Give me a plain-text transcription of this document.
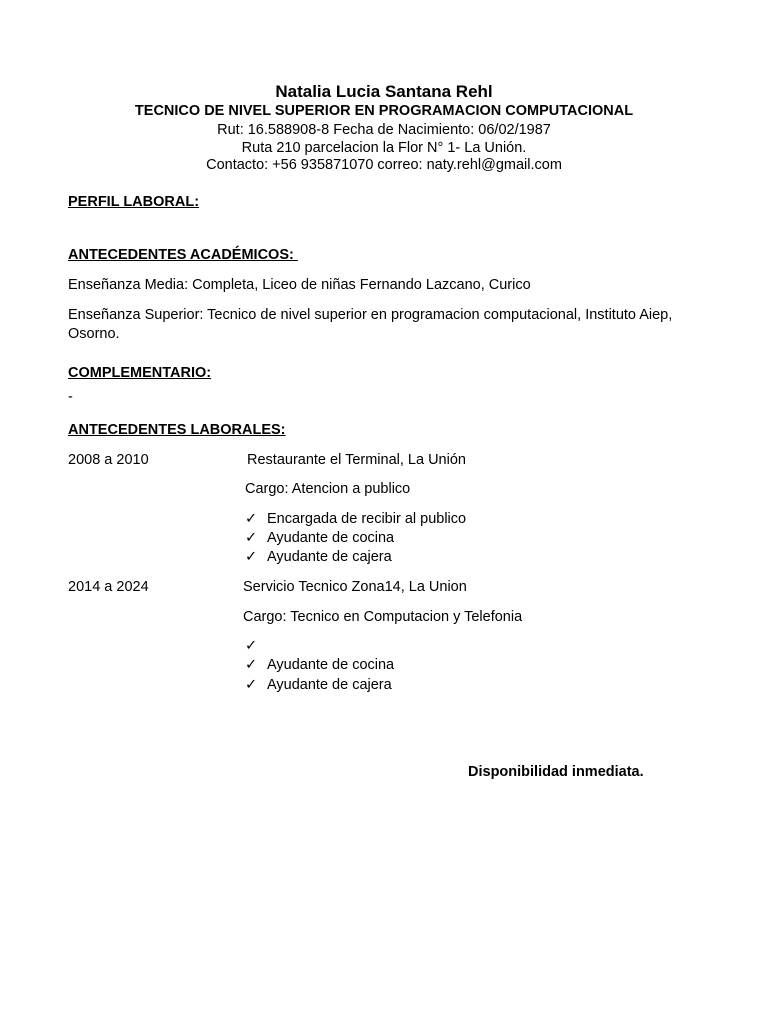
Natalia Lucia Santana Rehl
TECNICO DE NIVEL SUPERIOR EN PROGRAMACION COMPUTACIONAL
Rut: 16.588908-8 Fecha de Nacimiento: 06/02/1987
Ruta 210 parcelacion la Flor N° 1- La Unión.
Contacto: +56 935871070 correo: naty.rehl@gmail.com
PERFIL LABORAL:
ANTECEDENTES ACADÉMICOS:
Enseñanza Media: Completa, Liceo de niñas Fernando Lazcano, Curico
Enseñanza Superior: Tecnico de nivel superior en programacion computacional, Instituto Aiep,
Osorno.
COMPLEMENTARIO:
-
ANTECEDENTES LABORALES:
2008 a 2010	Restaurante el Terminal, La Unión
Cargo: Atencion a publico
✓ Encargada de recibir al publico
✓ Ayudante de cocina
✓ Ayudante de cajera
2014 a 2024	Servicio Tecnico Zona14, La Union
Cargo: Tecnico en Computacion y Telefonia
✓
✓ Ayudante de cocina
✓ Ayudante de cajera
Disponibilidad inmediata.
